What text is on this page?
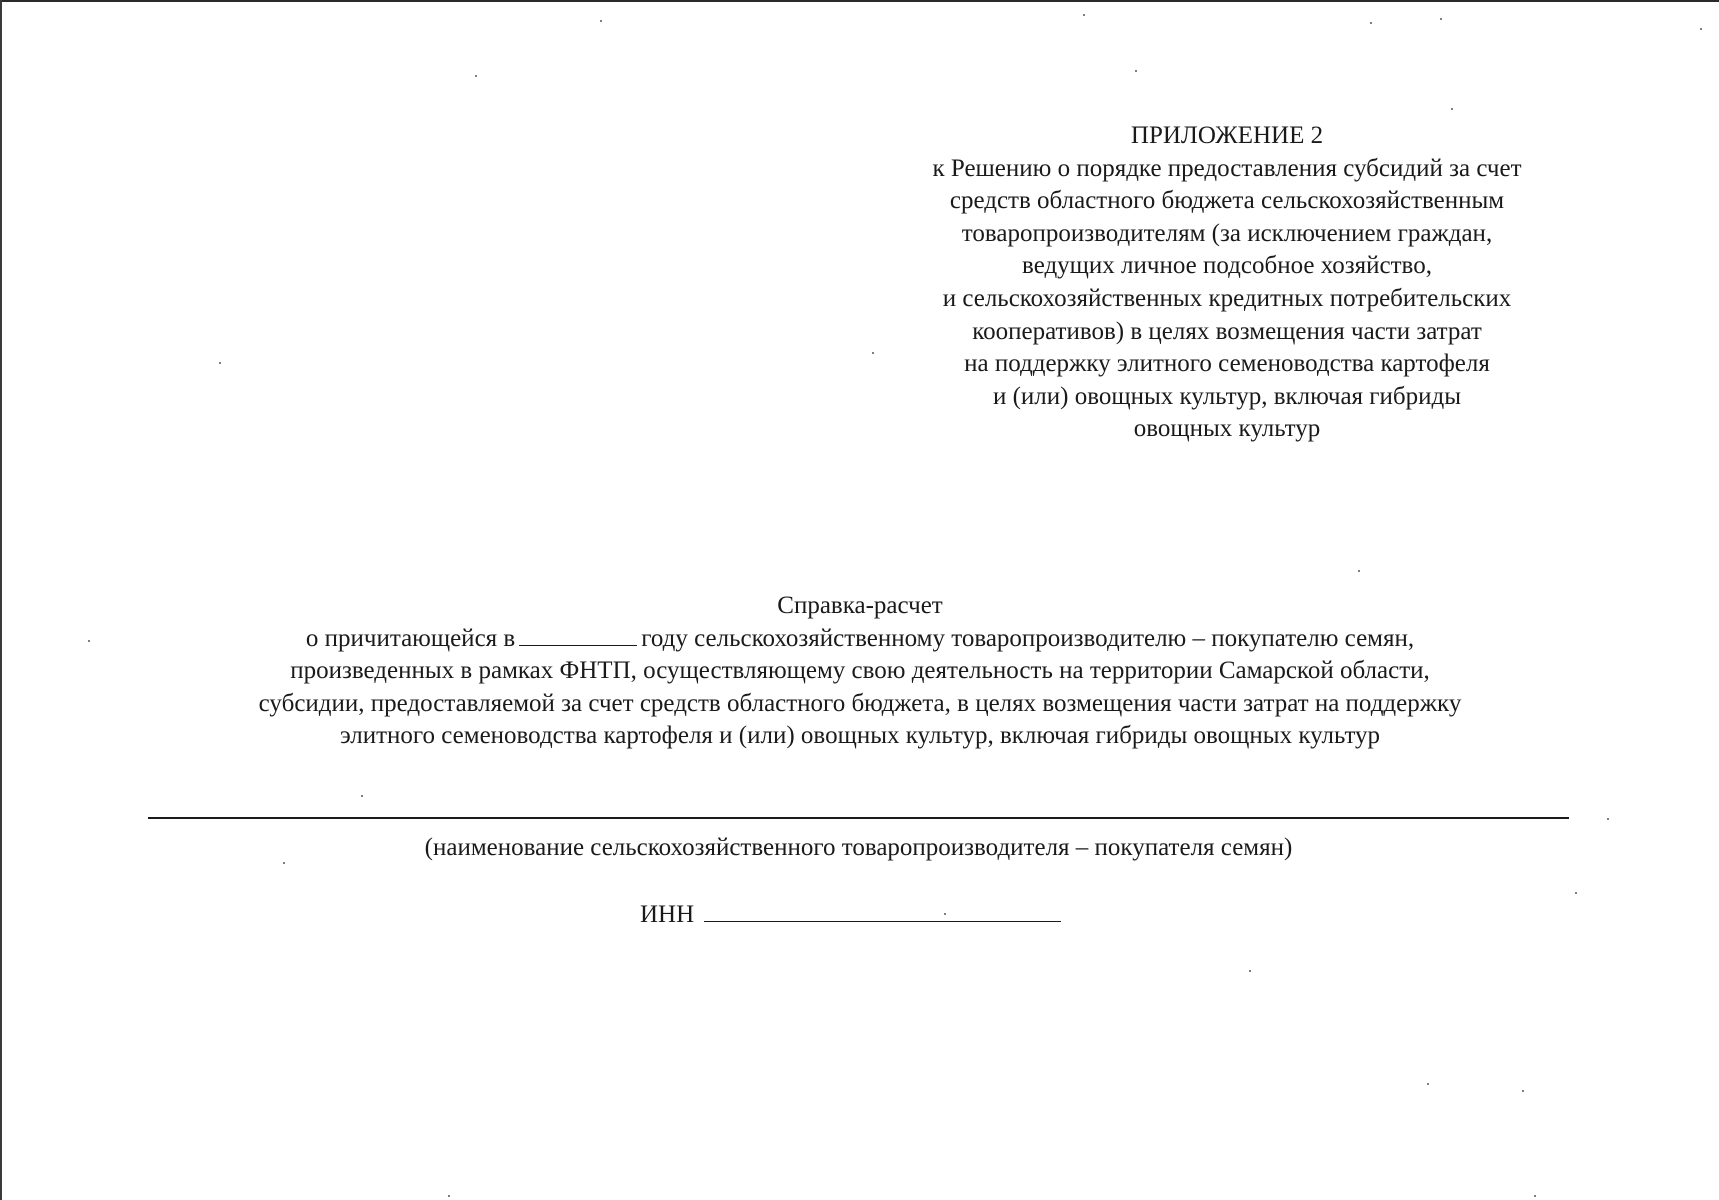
ПРИЛОЖЕНИЕ 2
к Решению о порядке предоставления субсидий за счет
средств областного бюджета сельскохозяйственным
товаропроизводителям (за исключением граждан,
ведущих личное подсобное хозяйство,
и сельскохозяйственных кредитных потребительских
кооперативов) в целях возмещения части затрат
на поддержку элитного семеноводства картофеля
и (или) овощных культур, включая гибриды
овощных культур
Справка-расчет
о причитающейся в	году сельскохозяйственному товаропроизводителю – покупателю семян,
произведенных в рамках ФНТП, осуществляющему свою деятельность на территории Самарской области,
субсидии, предоставляемой за счет средств областного бюджета, в целях возмещения части затрат на поддержку
элитного семеноводства картофеля и (или) овощных культур, включая гибриды овощных культур
(наименование сельскохозяйственного товаропроизводителя – покупателя семян)
ИНН
